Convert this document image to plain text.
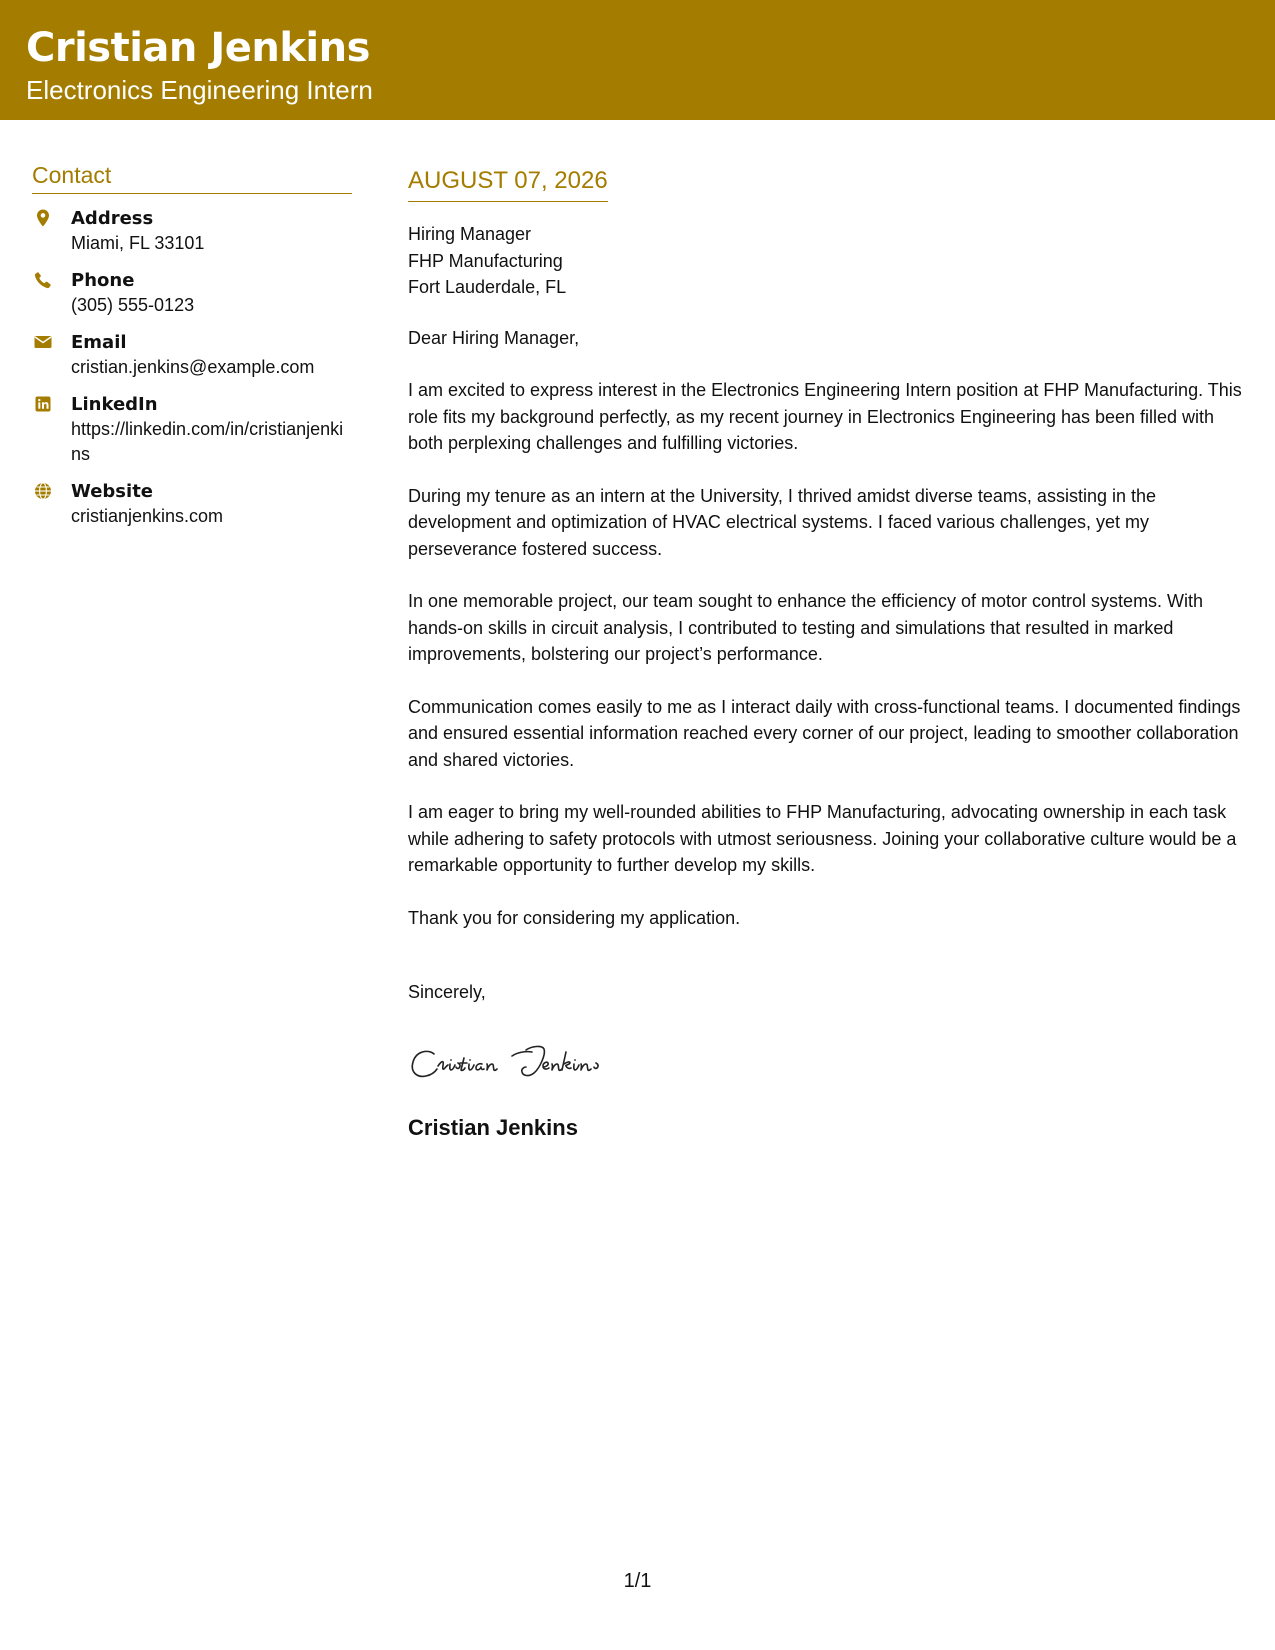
Cristian Jenkins
Electronics Engineering Intern
Contact
Address
Miami, FL 33101
Phone
(305) 555-0123
Email
cristian.jenkins@example.com
LinkedIn
https://linkedin.com/in/cristianjenkins
Website
cristianjenkins.com
AUGUST 07, 2026
Hiring Manager
FHP Manufacturing
Fort Lauderdale, FL
Dear Hiring Manager,

I am excited to express interest in the Electronics Engineering Intern position at FHP Manufacturing. This role fits my background perfectly, as my recent journey in Electronics Engineering has been filled with both perplexing challenges and fulfilling victories.

During my tenure as an intern at the University, I thrived amidst diverse teams, assisting in the development and optimization of HVAC electrical systems. I faced various challenges, yet my perseverance fostered success.

In one memorable project, our team sought to enhance the efficiency of motor control systems. With hands-on skills in circuit analysis, I contributed to testing and simulations that resulted in marked improvements, bolstering our project’s performance.

Communication comes easily to me as I interact daily with cross-functional teams. I documented findings and ensured essential information reached every corner of our project, leading to smoother collaboration and shared victories.

I am eager to bring my well-rounded abilities to FHP Manufacturing, advocating ownership in each task while adhering to safety protocols with utmost seriousness. Joining your collaborative culture would be a remarkable opportunity to further develop my skills.

Thank you for considering my application.

Sincerely,
Cristian Jenkins
1/1
